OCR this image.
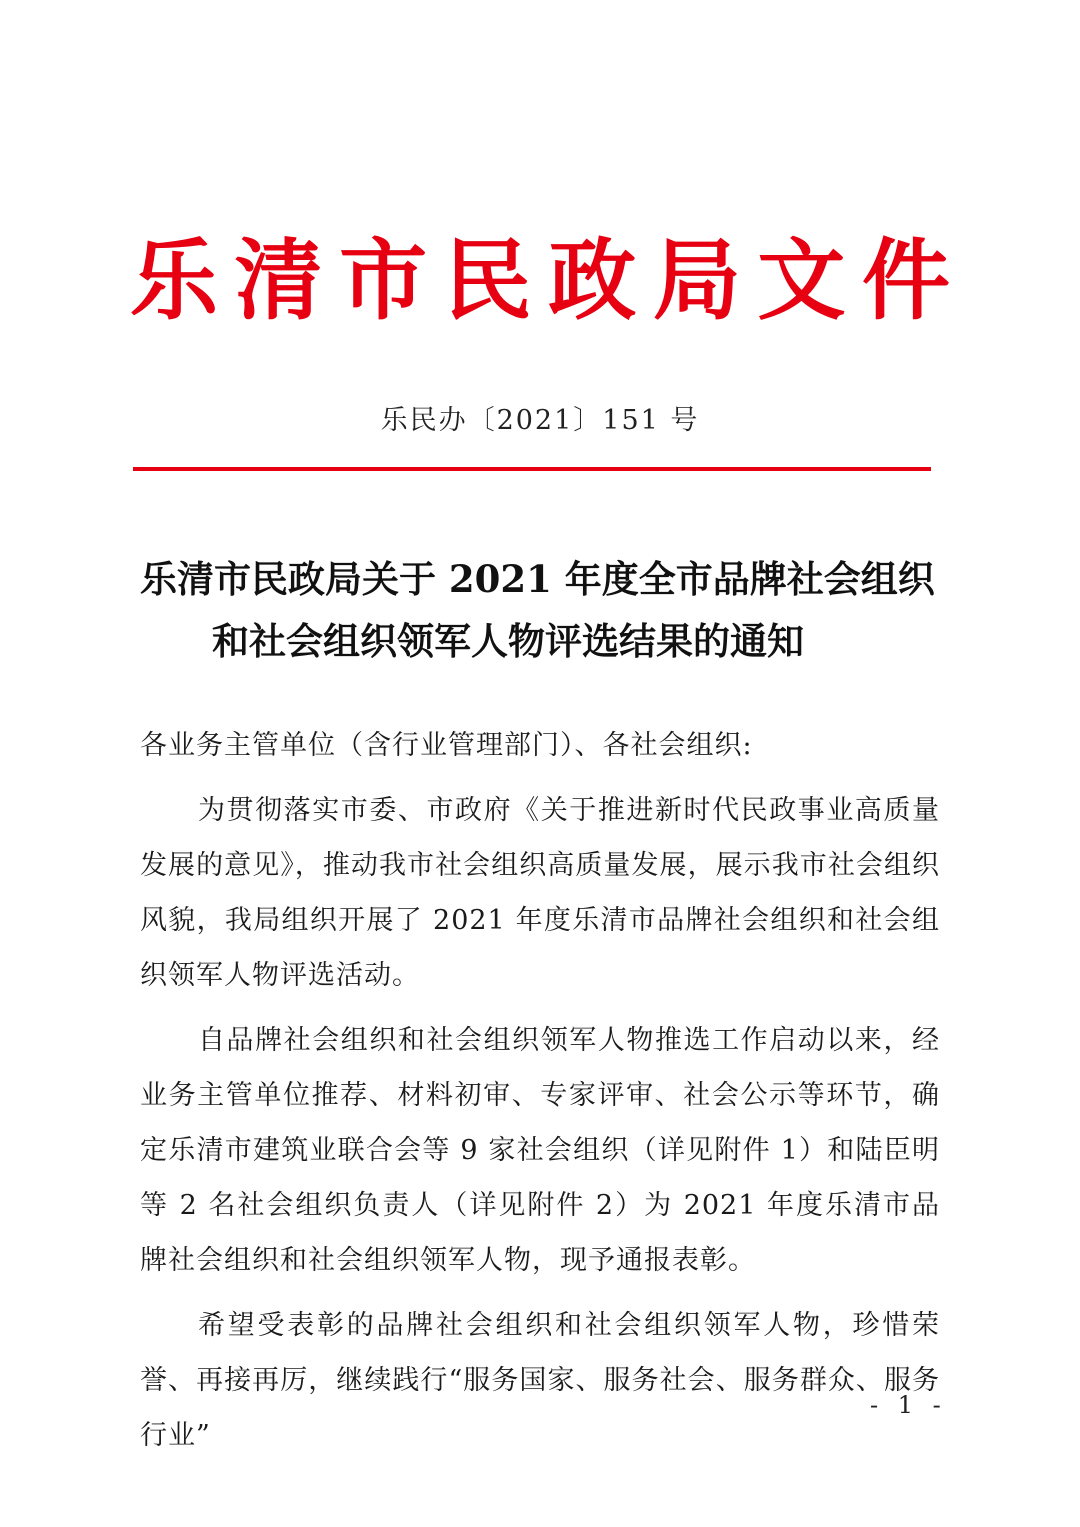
乐 清 市 民 政 局 文 件
乐民办〔2021〕151 号
乐清市民政局关于 2021 年度全市品牌社会组织
和社会组织领军人物评选结果的通知

各业务主管单位（含行业管理部门）、各社会组织:

为贯彻落实市委、市政府《关于推进新时代民政事业高质量发展的意见》，推动我市社会组织高质量发展，展示我市社会组织风貌，我局组织开展了 2021 年度乐清市品牌社会组织和社会组织领军人物评选活动。

自品牌社会组织和社会组织领军人物推选工作启动以来，经业务主管单位推荐、材料初审、专家评审、社会公示等环节，确定乐清市建筑业联合会等 9 家社会组织（详见附件 1）和陆臣明等 2 名社会组织负责人（详见附件 2）为 2021 年度乐清市品牌社会组织和社会组织领军人物，现予通报表彰。

希望受表彰的品牌社会组织和社会组织领军人物，珍惜荣誉、再接再厉，继续践行“服务国家、服务社会、服务群众、服务行业”

- 1 -
